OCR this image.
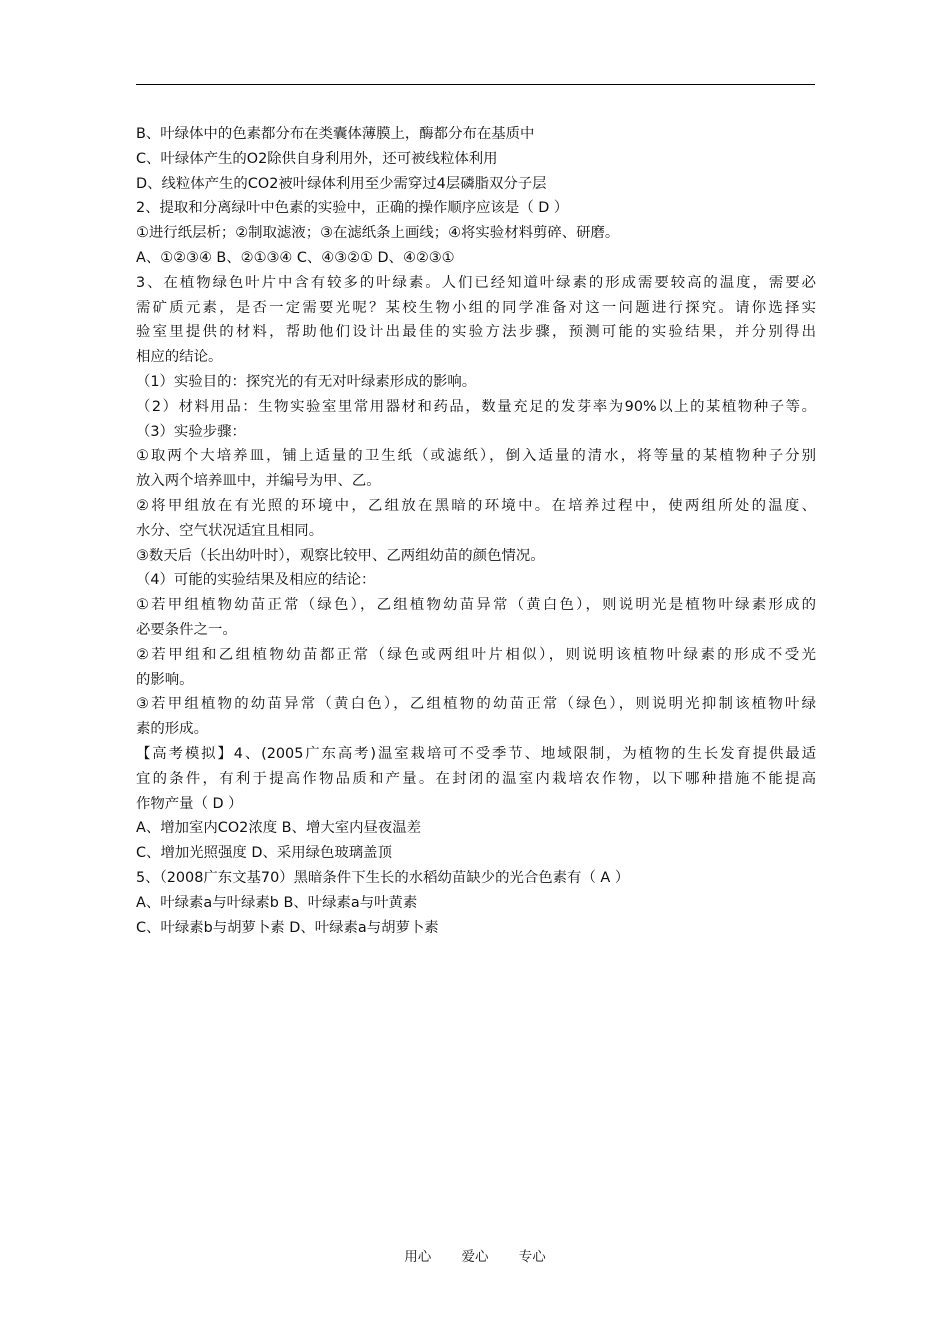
B、叶绿体中的色素都分布在类囊体薄膜上，酶都分布在基质中
C、叶绿体产生的O2除供自身利用外，还可被线粒体利用
D、线粒体产生的CO2被叶绿体利用至少需穿过4层磷脂双分子层
2、提取和分离绿叶中色素的实验中，正确的操作顺序应该是（ D ）
①进行纸层析；②制取滤液；③在滤纸条上画线；④将实验材料剪碎、研磨。
A、①②③④ B、②①③④ C、④③②① D、④②③①
3、在植物绿色叶片中含有较多的叶绿素。人们已经知道叶绿素的形成需要较高的温度，需要必
需矿质元素，是否一定需要光呢？某校生物小组的同学准备对这一问题进行探究。请你选择实
验室里提供的材料，帮助他们设计出最佳的实验方法步骤，预测可能的实验结果，并分别得出
相应的结论。
（1）实验目的：探究光的有无对叶绿素形成的影响。
（2）材料用品：生物实验室里常用器材和药品，数量充足的发芽率为90%以上的某植物种子等。
（3）实验步骤：
①取两个大培养皿，铺上适量的卫生纸（或滤纸），倒入适量的清水，将等量的某植物种子分别
放入两个培养皿中，并编号为甲、乙。
②将甲组放在有光照的环境中，乙组放在黑暗的环境中。在培养过程中，使两组所处的温度、
水分、空气状况适宜且相同。
③数天后（长出幼叶时），观察比较甲、乙两组幼苗的颜色情况。
（4）可能的实验结果及相应的结论：
①若甲组植物幼苗正常（绿色），乙组植物幼苗异常（黄白色），则说明光是植物叶绿素形成的
必要条件之一。
②若甲组和乙组植物幼苗都正常（绿色或两组叶片相似），则说明该植物叶绿素的形成不受光
的影响。
③若甲组植物的幼苗异常（黄白色），乙组植物的幼苗正常（绿色），则说明光抑制该植物叶绿
素的形成。
【高考模拟】4、(2005广东高考)温室栽培可不受季节、地域限制，为植物的生长发育提供最适
宜的条件，有利于提高作物品质和产量。在封闭的温室内栽培农作物，以下哪种措施不能提高
作物产量（ D ）
A、增加室内CO2浓度 B、增大室内昼夜温差
C、增加光照强度 D、采用绿色玻璃盖顶
5、（2008广东文基70）黑暗条件下生长的水稻幼苗缺少的光合色素有（ A ）
A、叶绿素a与叶绿素b B、叶绿素a与叶黄素
C、叶绿素b与胡萝卜素 D、叶绿素a与胡萝卜素
用心 爱心 专心
